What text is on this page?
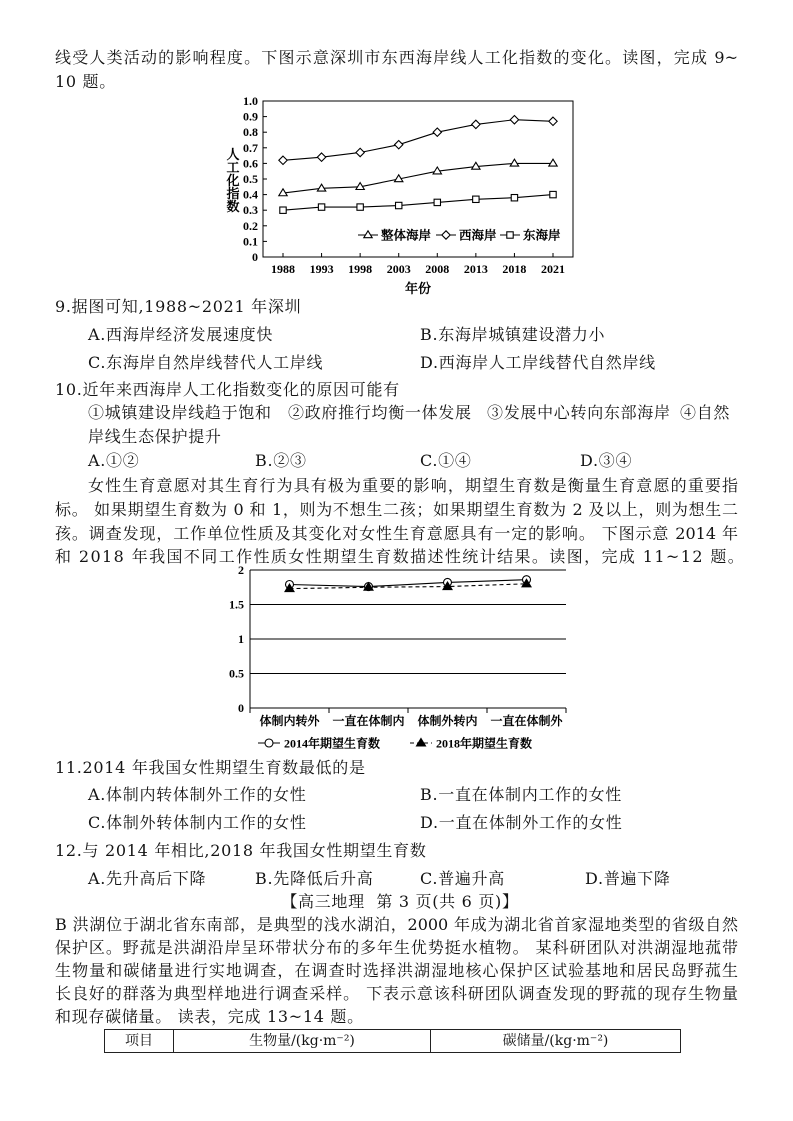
线受人类活动的影响程度。下图示意深圳市东西海岸线人工化指数的变化。读图，完成 9~
10 题。
0
0.1
0.2
0.3
0.4
0.5
0.6
0.7
0.8
0.9
1.0
1988 1993 1998 2003 2008 2013 2018 2021
人工化指数
年份
整体海岸 西海岸 东海岸
9.据图可知,1988~2021 年深圳
A.西海岸经济发展速度快	B.东海岸城镇建设潜力小
C.东海岸自然岸线替代人工岸线	D.西海岸人工岸线替代自然岸线
10.近年来西海岸人工化指数变化的原因可能有
①城镇建设岸线趋于饱和 ②政府推行均衡一体发展 ③发展中心转向东部海岸 ④自然
岸线生态保护提升
A.①②	B.②③	C.①④	D.③④
女性生育意愿对其生育行为具有极为重要的影响，期望生育数是衡量生育意愿的重要指
标。 如果期望生育数为 0 和 1，则为不想生二孩；如果期望生育数为 2 及以上，则为想生二
孩。调查发现，工作单位性质及其变化对女性生育意愿具有一定的影响。 下图示意 2014 年
和 2018 年我国不同工作性质女性期望生育数描述性统计结果。读图，完成 11~12 题。
0
0.5
1
1.5
2
体制内转外 一直在体制内 体制外转内 一直在体制外
2014年期望生育数	2018年期望生育数
11.2014 年我国女性期望生育数最低的是
A.体制内转体制外工作的女性	B.一直在体制内工作的女性
C.体制外转体制内工作的女性	D.一直在体制外工作的女性
12.与 2014 年相比,2018 年我国女性期望生育数
A.先升高后下降	B.先降低后升高	C.普遍升高	D.普遍下降
【高三地理  第 3 页(共 6 页)】
B 洪湖位于湖北省东南部，是典型的浅水湖泊，2000 年成为湖北省首家湿地类型的省级自然
保护区。野菰是洪湖沿岸呈环带状分布的多年生优势挺水植物。 某科研团队对洪湖湿地菰带
生物量和碳储量进行实地调查，在调查时选择洪湖湿地核心保护区试验基地和居民岛野菰生
长良好的群落为典型样地进行调查采样。 下表示意该科研团队调查发现的野菰的现存生物量
和现存碳储量。 读表，完成 13~14 题。
项目	生物量/(kg·m⁻²)	碳储量/(kg·m⁻²)
